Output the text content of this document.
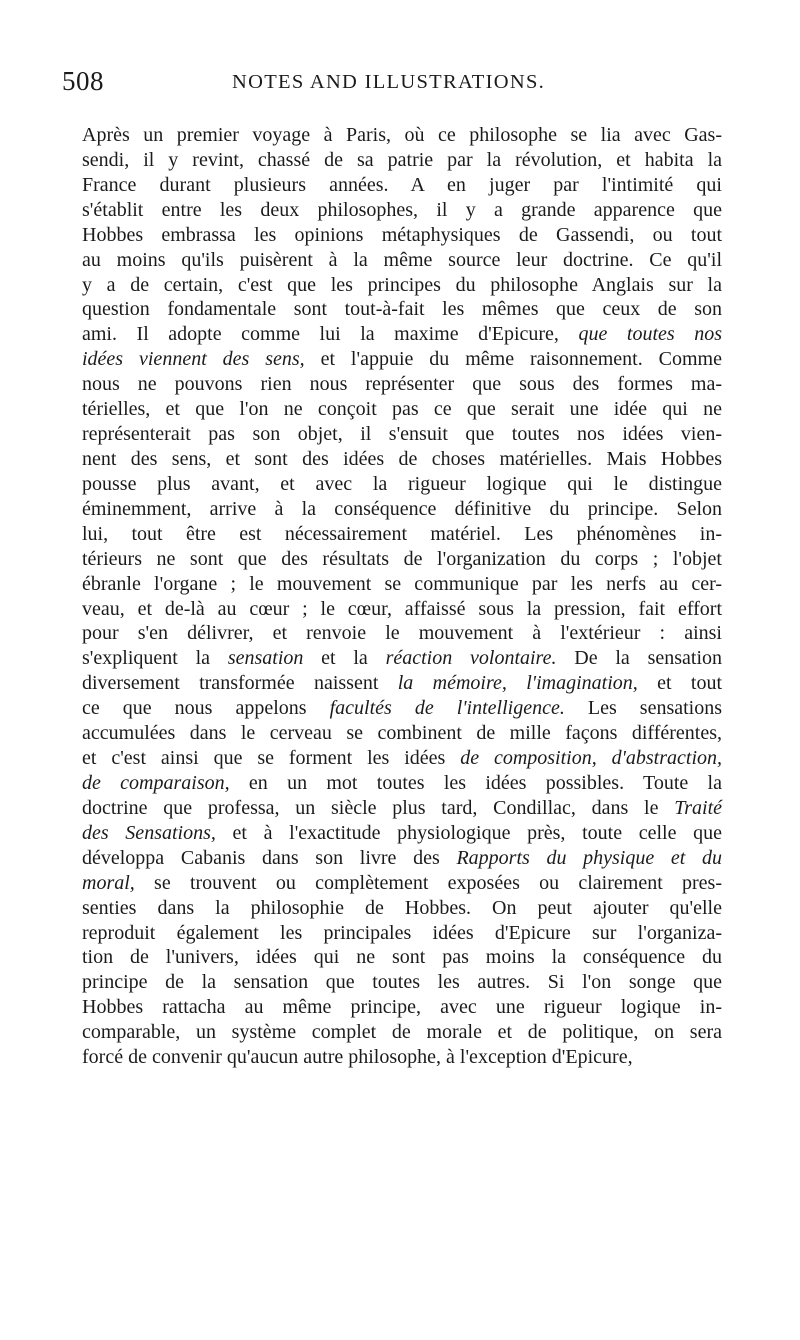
508	NOTES AND ILLUSTRATIONS.
Après un premier voyage à Paris, où ce philosophe se lia avec Gas-
sendi, il y revint, chassé de sa patrie par la révolution, et habita la
France durant plusieurs années. A en juger par l'intimité qui
s'établit entre les deux philosophes, il y a grande apparence que
Hobbes embrassa les opinions métaphysiques de Gassendi, ou tout
au moins qu'ils puisèrent à la même source leur doctrine. Ce qu'il
y a de certain, c'est que les principes du philosophe Anglais sur la
question fondamentale sont tout-à-fait les mêmes que ceux de son
ami. Il adopte comme lui la maxime d'Epicure, que toutes nos
idées viennent des sens, et l'appuie du même raisonnement. Comme
nous ne pouvons rien nous représenter que sous des formes ma-
térielles, et que l'on ne conçoit pas ce que serait une idée qui ne
représenterait pas son objet, il s'ensuit que toutes nos idées vien-
nent des sens, et sont des idées de choses matérielles. Mais Hobbes
pousse plus avant, et avec la rigueur logique qui le distingue
éminemment, arrive à la conséquence définitive du principe. Selon
lui, tout être est nécessairement matériel. Les phénomènes in-
térieurs ne sont que des résultats de l'organization du corps ; l'objet
ébranle l'organe ; le mouvement se communique par les nerfs au cer-
veau, et de-là au cœur ; le cœur, affaissé sous la pression, fait effort
pour s'en délivrer, et renvoie le mouvement à l'extérieur : ainsi
s'expliquent la sensation et la réaction volontaire. De la sensation
diversement transformée naissent la mémoire, l'imagination, et tout
ce que nous appelons facultés de l'intelligence. Les sensations
accumulées dans le cerveau se combinent de mille façons différentes,
et c'est ainsi que se forment les idées de composition, d'abstraction,
de comparaison, en un mot toutes les idées possibles. Toute la
doctrine que professa, un siècle plus tard, Condillac, dans le Traité
des Sensations, et à l'exactitude physiologique près, toute celle que
développa Cabanis dans son livre des Rapports du physique et du
moral, se trouvent ou complètement exposées ou clairement pres-
senties dans la philosophie de Hobbes. On peut ajouter qu'elle
reproduit également les principales idées d'Epicure sur l'organiza-
tion de l'univers, idées qui ne sont pas moins la conséquence du
principe de la sensation que toutes les autres. Si l'on songe que
Hobbes rattacha au même principe, avec une rigueur logique in-
comparable, un système complet de morale et de politique, on sera
forcé de convenir qu'aucun autre philosophe, à l'exception d'Epicure,
